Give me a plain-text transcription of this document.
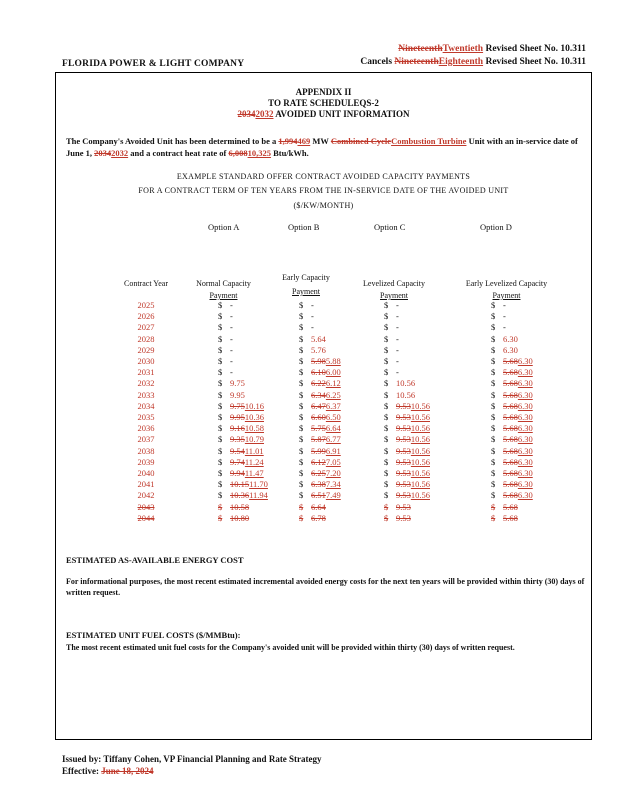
FLORIDA POWER & LIGHT COMPANY
NineteenthTwentieth Revised Sheet No. 10.311
Cancels NineteenthEighteenth Revised Sheet No. 10.311
APPENDIX II
TO RATE SCHEDULEQS-2
20342032 AVOIDED UNIT INFORMATION
The Company's Avoided Unit has been determined to be a 1,994469 MW Combined CycleCombustion Turbine Unit with an in-service date of June 1, 20342032 and a contract heat rate of 6,00810,325 Btu/kWh.
EXAMPLE STANDARD OFFER CONTRACT AVOIDED CAPACITY PAYMENTS
FOR A CONTRACT TERM OF TEN YEARS FROM THE IN-SERVICE DATE OF THE AVOIDED UNIT
($/KW/MONTH)
Option A	Option B	Option C	Option D
Contract Year	Normal Capacity
Payment
Early Capacity
Payment
Levelized Capacity
Payment
Early Levelized Capacity
Payment
2025	$ -	$ -	$ -	$ -
2026	$ -	$ -	$ -	$ -
2027	$ -	$ -	$ -	$ -
2028	$ -	$ 5.64	$ -	$ 6.30
2029	$ -	$ 5.76	$ -	$ 6.30
2030	$ -	$ 5.985.88	$ -	$ 5.686.30
2031	$ -	$ 6.106.00	$ -	$ 5.686.30
2032	$ 9.75	$ 6.226.12	$ 10.56	$ 5.686.30
2033	$ 9.95	$ 6.346.25	$ 10.56	$ 5.686.30
2034	$ 9.7510.16	$ 6.476.37	$ 9.5310.56	$ 5.686.30
2035	$ 9.9510.36	$ 6.606.50	$ 9.5310.56	$ 5.686.30
2036	$ 9.1610.58	$ 5.756.64	$ 9.5310.56	$ 5.686.30
2037	$ 9.3510.79	$ 5.876.77	$ 9.5310.56	$ 5.686.30
2038	$ 9.5411.01	$ 5.996.91	$ 9.5310.56	$ 5.686.30
2039	$ 9.7411.24	$ 6.127.05	$ 9.5310.56	$ 5.686.30
2040	$ 9.9411.47	$ 6.257.20	$ 9.5310.56	$ 5.686.30
2041	$ 10.1511.70	$ 6.387.34	$ 9.5310.56	$ 5.686.30
2042	$ 10.3611.94	$ 6.517.49	$ 9.5310.56	$ 5.686.30
2043	$ 10.58	$ 6.64	$ 9.53	$ 5.68
2044	$ 10.80	$ 6.78	$ 9.53	$ 5.68
ESTIMATED AS-AVAILABLE ENERGY COST
For informational purposes, the most recent estimated incremental avoided energy costs for the next ten years will be provided within thirty (30) days of written request.
ESTIMATED UNIT FUEL COSTS ($/MMBtu):
The most recent estimated unit fuel costs for the Company's avoided unit will be provided within thirty (30) days of written request.
Issued by: Tiffany Cohen, VP Financial Planning and Rate Strategy
Effective: June 18, 2024
